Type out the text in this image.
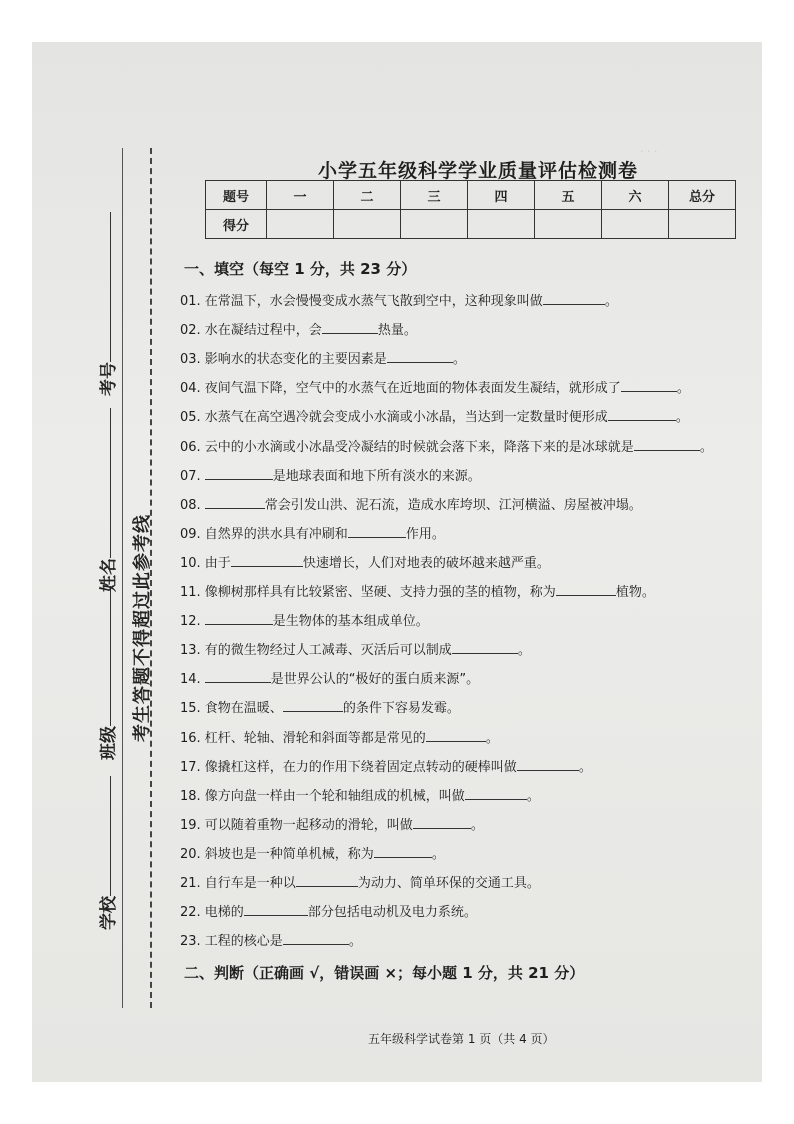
学校
班级
姓名
考号
考生答题不得超过此参考线
· · ·
小学五年级科学学业质量评估检测卷
题号	一	二	三	四	五	六	总分
得分							
一、填空（每空 1 分，共 23 分）
01. 在常温下，水会慢慢变成水蒸气飞散到空中，这种现象叫做	。
02. 水在凝结过程中，会	热量。
03. 影响水的状态变化的主要因素是	。
04. 夜间气温下降，空气中的水蒸气在近地面的物体表面发生凝结，就形成了	。
05. 水蒸气在高空遇冷就会变成小水滴或小冰晶，当达到一定数量时便形成	。
06. 云中的小水滴或小冰晶受冷凝结的时候就会落下来，降落下来的是冰球就是	。
07.	是地球表面和地下所有淡水的来源。
08.	常会引发山洪、泥石流，造成水库垮坝、江河横溢、房屋被冲塌。
09. 自然界的洪水具有冲刷和	作用。
10. 由于	快速增长，人们对地表的破坏越来越严重。
11. 像柳树那样具有比较紧密、坚硬、支持力强的茎的植物，称为	植物。
12.	是生物体的基本组成单位。
13. 有的微生物经过人工减毒、灭活后可以制成	。
14.	是世界公认的“极好的蛋白质来源”。
15. 食物在温暖、	的条件下容易发霉。
16. 杠杆、轮轴、滑轮和斜面等都是常见的	。
17. 像撬杠这样，在力的作用下绕着固定点转动的硬棒叫做	。
18. 像方向盘一样由一个轮和轴组成的机械，叫做	。
19. 可以随着重物一起移动的滑轮，叫做	。
20. 斜坡也是一种简单机械，称为	。
21. 自行车是一种以	为动力、简单环保的交通工具。
22. 电梯的	部分包括电动机及电力系统。
23. 工程的核心是	。
二、判断（正确画 √，错误画 ×；每小题 1 分，共 21 分）
五年级科学试卷第 1 页（共 4 页）
